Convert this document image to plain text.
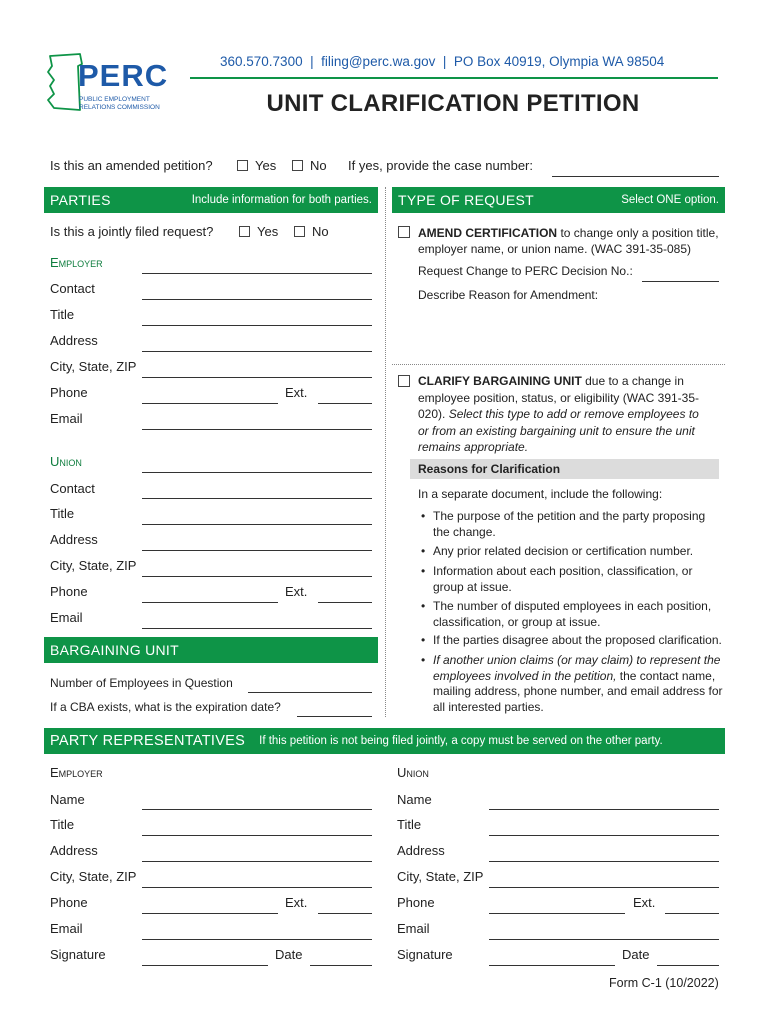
PERC
PUBLIC EMPLOYMENT RELATIONS COMMISSION
360.570.7300  |  filing@perc.wa.gov  |  PO Box 40919, Olympia WA 98504
UNIT CLARIFICATION PETITION
Is this an amended petition?	Yes	No If yes, provide the case number:
PARTIES	Include information for both parties.
Is this a jointly filed request?	Yes	No
Employer
Contact
Title
Address
City, State, ZIP
Phone	Ext.
Email
Union
Contact
Title
Address
City, State, ZIP
Phone	Ext.
Email
BARGAINING UNIT
Number of Employees in Question
If a CBA exists, what is the expiration date?
TYPE OF REQUEST	Select ONE option.
AMEND CERTIFICATION to change only a position title,
employer name, or union name. (WAC 391-35-085)
Request Change to PERC Decision No.:
Describe Reason for Amendment:
CLARIFY BARGAINING UNIT due to a change in
employee position, status, or eligibility (WAC 391-35-
020). Select this type to add or remove employees to
or from an existing bargaining unit to ensure the unit
remains appropriate.
Reasons for Clarification
In a separate document, include the following:
• The purpose of the petition and the party proposing the change.
• Any prior related decision or certification number.
• Information about each position, classification, or group at issue.
• The number of disputed employees in each position, classification, or group at issue.
• If the parties disagree about the proposed clarification.
• If another union claims (or may claim) to represent the employees involved in the petition, the contact name, mailing address, phone number, and email address for all interested parties.
PARTY REPRESENTATIVES If this petition is not being filed jointly, a copy must be served on the other party.
Employer
Name
Title
Address
City, State, ZIP
Phone	Ext.
Email
Signature	Date
Union
Name
Title
Address
City, State, ZIP
Phone	Ext.
Email
Signature	Date
Form C-1 (10/2022)
